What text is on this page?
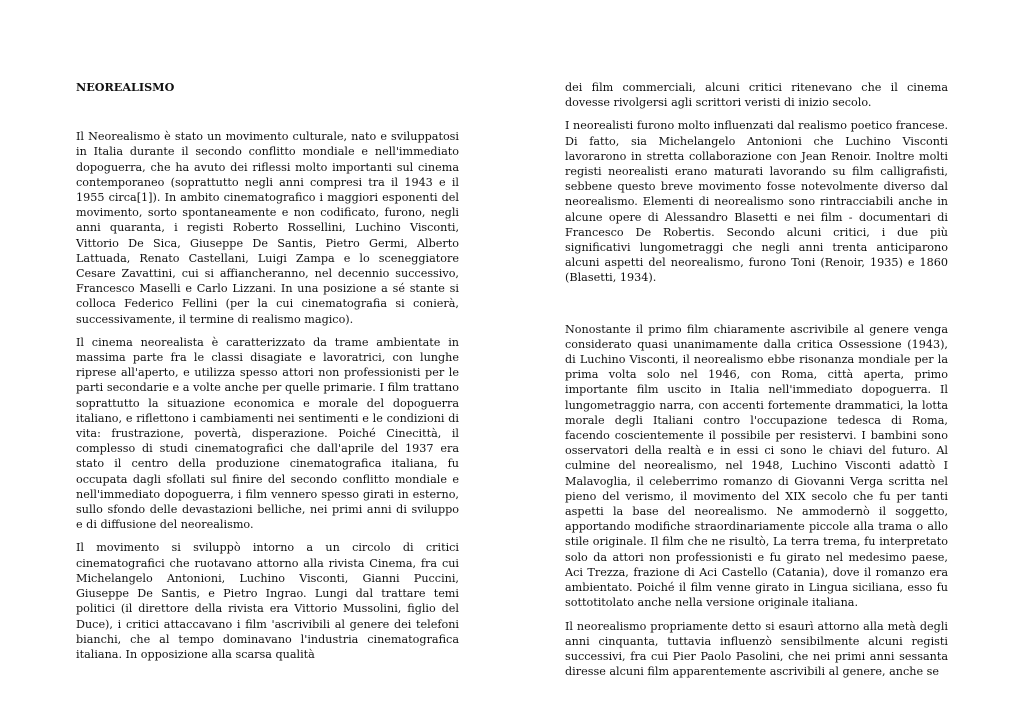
NEOREALISMO

Il Neorealismo è stato un movimento culturale, nato e sviluppatosi in Italia durante il secondo conflitto mondiale e nell'immediato dopoguerra, che ha avuto dei riflessi molto importanti sul cinema contemporaneo (soprattutto negli anni compresi tra il 1943 e il 1955 circa[1]). In ambito cinematografico i maggiori esponenti del movimento, sorto spontaneamente e non codificato, furono, negli anni quaranta, i registi Roberto Rossellini, Luchino Visconti, Vittorio De Sica, Giuseppe De Santis, Pietro Germi, Alberto Lattuada, Renato Castellani, Luigi Zampa e lo sceneggiatore Cesare Zavattini, cui si affiancheranno, nel decennio successivo, Francesco Maselli e Carlo Lizzani. In una posizione a sé stante si colloca Federico Fellini (per la cui cinematografia si conierà, successivamente, il termine di realismo magico).

Il cinema neorealista è caratterizzato da trame ambientate in massima parte fra le classi disagiate e lavoratrici, con lunghe riprese all'aperto, e utilizza spesso attori non professionisti per le parti secondarie e a volte anche per quelle primarie. I film trattano soprattutto la situazione economica e morale del dopoguerra italiano, e riflettono i cambiamenti nei sentimenti e le condizioni di vita: frustrazione, povertà, disperazione. Poiché Cinecittà, il complesso di studi cinematografici che dall'aprile del 1937 era stato il centro della produzione cinematografica italiana, fu occupata dagli sfollati sul finire del secondo conflitto mondiale e nell'immediato dopoguerra, i film vennero spesso girati in esterno, sullo sfondo delle devastazioni belliche, nei primi anni di sviluppo e di diffusione del neorealismo.

Il movimento si sviluppò intorno a un circolo di critici cinematografici che ruotavano attorno alla rivista Cinema, fra cui Michelangelo Antonioni, Luchino Visconti, Gianni Puccini, Giuseppe De Santis, e Pietro Ingrao. Lungi dal trattare temi politici (il direttore della rivista era Vittorio Mussolini, figlio del Duce), i critici attaccavano i film 'ascrivibili al genere dei telefoni bianchi, che al tempo dominavano l'industria cinematografica italiana. In opposizione alla scarsa qualità

dei film commerciali, alcuni critici ritenevano che il cinema dovesse rivolgersi agli scrittori veristi di inizio secolo.

I neorealisti furono molto influenzati dal realismo poetico francese. Di fatto, sia Michelangelo Antonioni che Luchino Visconti lavorarono in stretta collaborazione con Jean Renoir. Inoltre molti registi neorealisti erano maturati lavorando su film calligrafisti, sebbene questo breve movimento fosse notevolmente diverso dal neorealismo. Elementi di neorealismo sono rintracciabili anche in alcune opere di Alessandro Blasetti e nei film - documentari di Francesco De Robertis. Secondo alcuni critici, i due più significativi lungometraggi che negli anni trenta anticiparono alcuni aspetti del neorealismo, furono Toni (Renoir, 1935) e 1860 (Blasetti, 1934).

Nonostante il primo film chiaramente ascrivibile al genere venga considerato quasi unanimamente dalla critica Ossessione (1943), di Luchino Visconti, il neorealismo ebbe risonanza mondiale per la prima volta solo nel 1946, con Roma, città aperta, primo importante film uscito in Italia nell'immediato dopoguerra. Il lungometraggio narra, con accenti fortemente drammatici, la lotta morale degli Italiani contro l'occupazione tedesca di Roma, facendo coscientemente il possibile per resistervi. I bambini sono osservatori della realtà e in essi ci sono le chiavi del futuro. Al culmine del neorealismo, nel 1948, Luchino Visconti adattò I Malavoglia, il celeberrimo romanzo di Giovanni Verga scritta nel pieno del verismo, il movimento del XIX secolo che fu per tanti aspetti la base del neorealismo. Ne ammodernò il soggetto, apportando modifiche straordinariamente piccole alla trama o allo stile originale. Il film che ne risultò, La terra trema, fu interpretato solo da attori non professionisti e fu girato nel medesimo paese, Aci Trezza, frazione di Aci Castello (Catania), dove il romanzo era ambientato. Poiché il film venne girato in Lingua siciliana, esso fu sottotitolato anche nella versione originale italiana.

Il neorealismo propriamente detto si esaurì attorno alla metà degli anni cinquanta, tuttavia influenzò sensibilmente alcuni registi successivi, fra cui Pier Paolo Pasolini, che nei primi anni sessanta diresse alcuni film apparentemente ascrivibili al genere, anche se
